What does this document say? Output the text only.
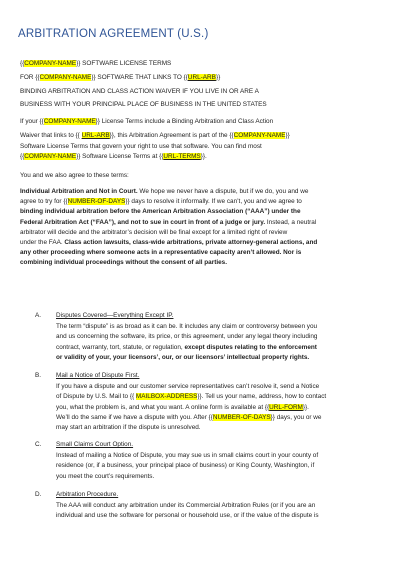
ARBITRATION AGREEMENT (U.S.)
{{COMPANY-NAME}} SOFTWARE LICENSE TERMS
FOR {{COMPANY-NAME}} SOFTWARE THAT LINKS TO {{URL-ARB}}
BINDING ARBITRATION AND CLASS ACTION WAIVER IF YOU LIVE IN OR ARE A
BUSINESS WITH YOUR PRINCIPAL PLACE OF BUSINESS IN THE UNITED STATES
If your {{COMPANY-NAME}} License Terms include a Binding Arbitration and Class Action
Waiver that links to {{ URL-ARB}}, this Arbitration Agreement is part of the {{COMPANY-NAME}}
Software License Terms that govern your right to use that software. You can find most
{{COMPANY-NAME}} Software License Terms at {{URL-TERMS}}.
You and we also agree to these terms:
Individual Arbitration and Not in Court. We hope we never have a dispute, but if we do, you and we
agree to try for {{NUMBER-OF-DAYS}} days to resolve it informally. If we can’t, you and we agree to
binding individual arbitration before the American Arbitration Association (“AAA”) under the
Federal Arbitration Act (“FAA”), and not to sue in court in front of a judge or jury. Instead, a neutral
arbitrator will decide and the arbitrator’s decision will be final except for a limited right of review
under the FAA. Class action lawsuits, class-wide arbitrations, private attorney-general actions, and
any other proceeding where someone acts in a representative capacity aren’t allowed. Nor is
combining individual proceedings without the consent of all parties.
A. Disputes Covered—Everything Except IP.
The term “dispute” is as broad as it can be. It includes any claim or controversy between you
and us concerning the software, its price, or this agreement, under any legal theory including
contract, warranty, tort, statute, or regulation, except disputes relating to the enforcement
or validity of your, your licensors’, our, or our licensors’ intellectual property rights.
B. Mail a Notice of Dispute First.
If you have a dispute and our customer service representatives can’t resolve it, send a Notice
of Dispute by U.S. Mail to {{ MAILBOX-ADDRESS}}. Tell us your name, address, how to contact
you, what the problem is, and what you want. A online form is available at {{URL-FORM}}.
We’ll do the same if we have a dispute with you. After {{NUMBER-OF-DAYS}} days, you or we
may start an arbitration if the dispute is unresolved.
C. Small Claims Court Option.
Instead of mailing a Notice of Dispute, you may sue us in small claims court in your county of
residence (or, if a business, your principal place of business) or King County, Washington, if
you meet the court’s requirements.
D. Arbitration Procedure.
The AAA will conduct any arbitration under its Commercial Arbitration Rules (or if you are an
individual and use the software for personal or household use, or if the value of the dispute is
